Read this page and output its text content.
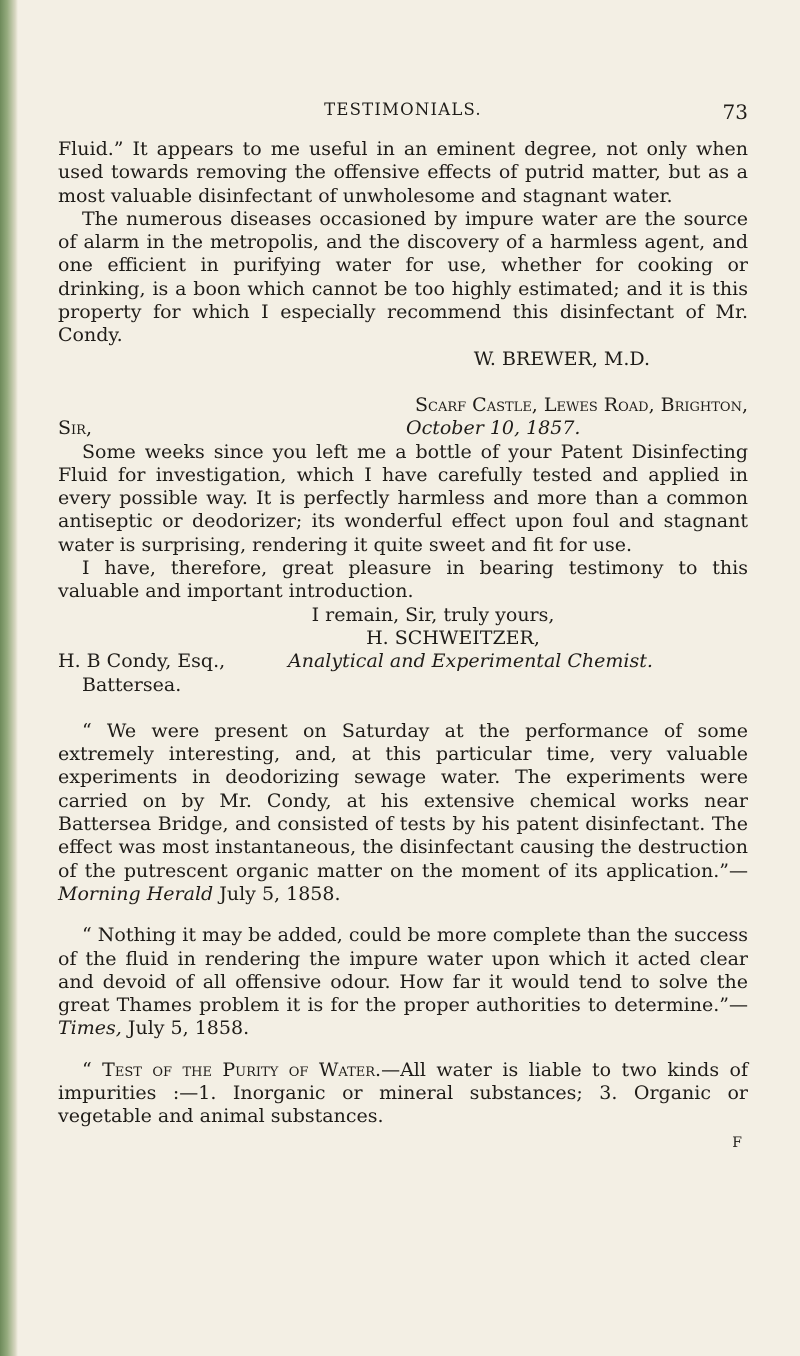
TESTIMONIALS.	73

Fluid.” It appears to me useful in an eminent degree, not only when used towards removing the offensive effects of putrid matter, but as a most valuable disinfectant of unwholesome and stagnant water.

The numerous diseases occasioned by impure water are the source of alarm in the metropolis, and the discovery of a harmless agent, and one efficient in purifying water for use, whether for cooking or drinking, is a boon which cannot be too highly estimated; and it is this property for which I especially recommend this disinfectant of Mr. Condy.

W. BREWER, M.D.
Scarf Castle, Lewes Road, Brighton,
Sir,	October 10, 1857.

Some weeks since you left me a bottle of your Patent Disinfecting Fluid for investigation, which I have carefully tested and applied in every possible way. It is perfectly harmless and more than a common antiseptic or deodorizer; its wonderful effect upon foul and stagnant water is surprising, rendering it quite sweet and fit for use.

I have, therefore, great pleasure in bearing testimony to this valuable and important introduction.

I remain, Sir, truly yours,
H. SCHWEITZER,
H. B Condy, Esq.,	Analytical and Experimental Chemist.
Battersea.

“ We were present on Saturday at the performance of some extremely interesting, and, at this particular time, very valuable experiments in deodorizing sewage water. The experiments were carried on by Mr. Condy, at his extensive chemical works near Battersea Bridge, and consisted of tests by his patent disinfectant. The effect was most instantaneous, the disinfectant causing the destruction of the putrescent organic matter on the moment of its application.”—Morning Herald July 5, 1858.

“ Nothing it may be added, could be more complete than the success of the fluid in rendering the impure water upon which it acted clear and devoid of all offensive odour. How far it would tend to solve the great Thames problem it is for the proper authorities to determine.”—Times, July 5, 1858.

“ Test of the Purity of Water.—All water is liable to two kinds of impurities :—1. Inorganic or mineral substances; 3. Organic or vegetable and animal substances.

F
